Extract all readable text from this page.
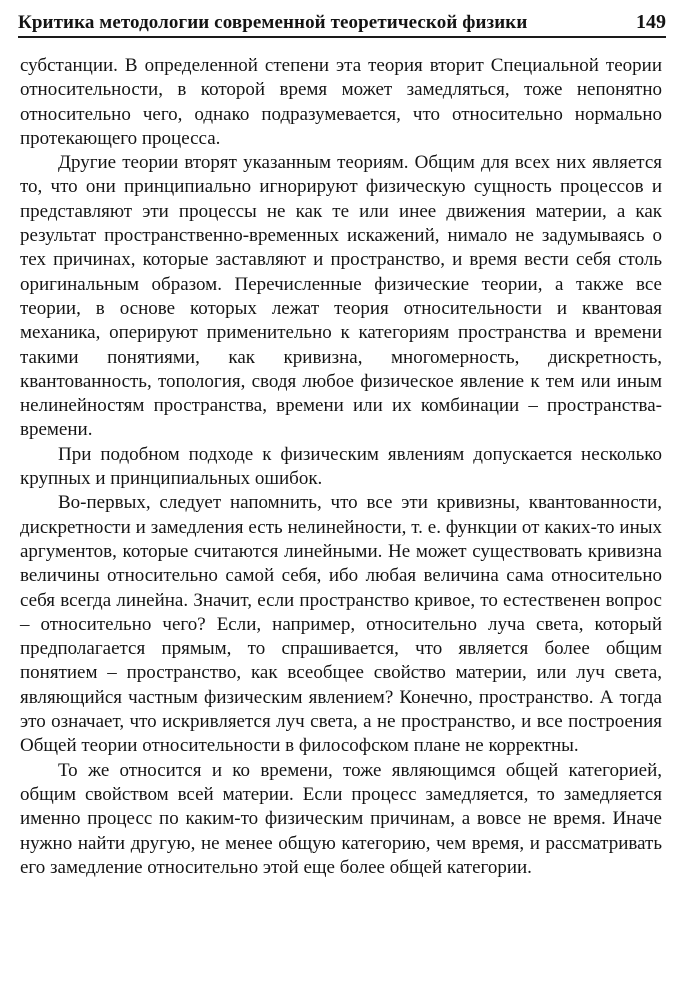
Критика методологии современной теоретической физики	149

субстанции. В определенной степени эта теория вторит Специальной теории относительности, в которой время может замедляться, тоже непонятно относительно чего, однако подразумевается, что относительно нормально протекающего процесса.

Другие теории вторят указанным теориям. Общим для всех них является то, что они принципиально игнорируют физическую сущность процессов и представляют эти процессы не как те или инее движения материи, а как результат пространственно-временных искажений, нимало не задумываясь о тех причинах, которые заставляют и пространство, и время вести себя столь оригинальным образом. Перечисленные физические теории, а также все теории, в основе которых лежат теория относительности и квантовая механика, оперируют применительно к категориям пространства и времени такими понятиями, как кривизна, многомерность, дискретность, квантованность, топология, сводя любое физическое явление к тем или иным нелинейностям пространства, времени или их комбинации – пространства-времени.

При подобном подходе к физическим явлениям допускается несколько крупных и принципиальных ошибок.

Во-первых, следует напомнить, что все эти кривизны, квантованности, дискретности и замедления есть нелинейности, т. е. функции от каких-то иных аргументов, которые считаются линейными. Не может существовать кривизна величины относительно самой себя, ибо любая величина сама относительно себя всегда линейна. Значит, если пространство кривое, то естественен вопрос – относительно чего? Если, например, относительно луча света, который предполагается прямым, то спрашивается, что является более общим понятием – пространство, как всеобщее свойство материи, или луч света, являющийся частным физическим явлением? Конечно, пространство. А тогда это означает, что искривляется луч света, а не пространство, и все построения Общей теории относительности в философском плане не корректны.

То же относится и ко времени, тоже являющимся общей категорией, общим свойством всей материи. Если процесс замедляется, то замедляется именно процесс по каким-то физическим причинам, а вовсе не время. Иначе нужно найти другую, не менее общую категорию, чем время, и рассматривать его замедление относительно этой еще более общей категории.
